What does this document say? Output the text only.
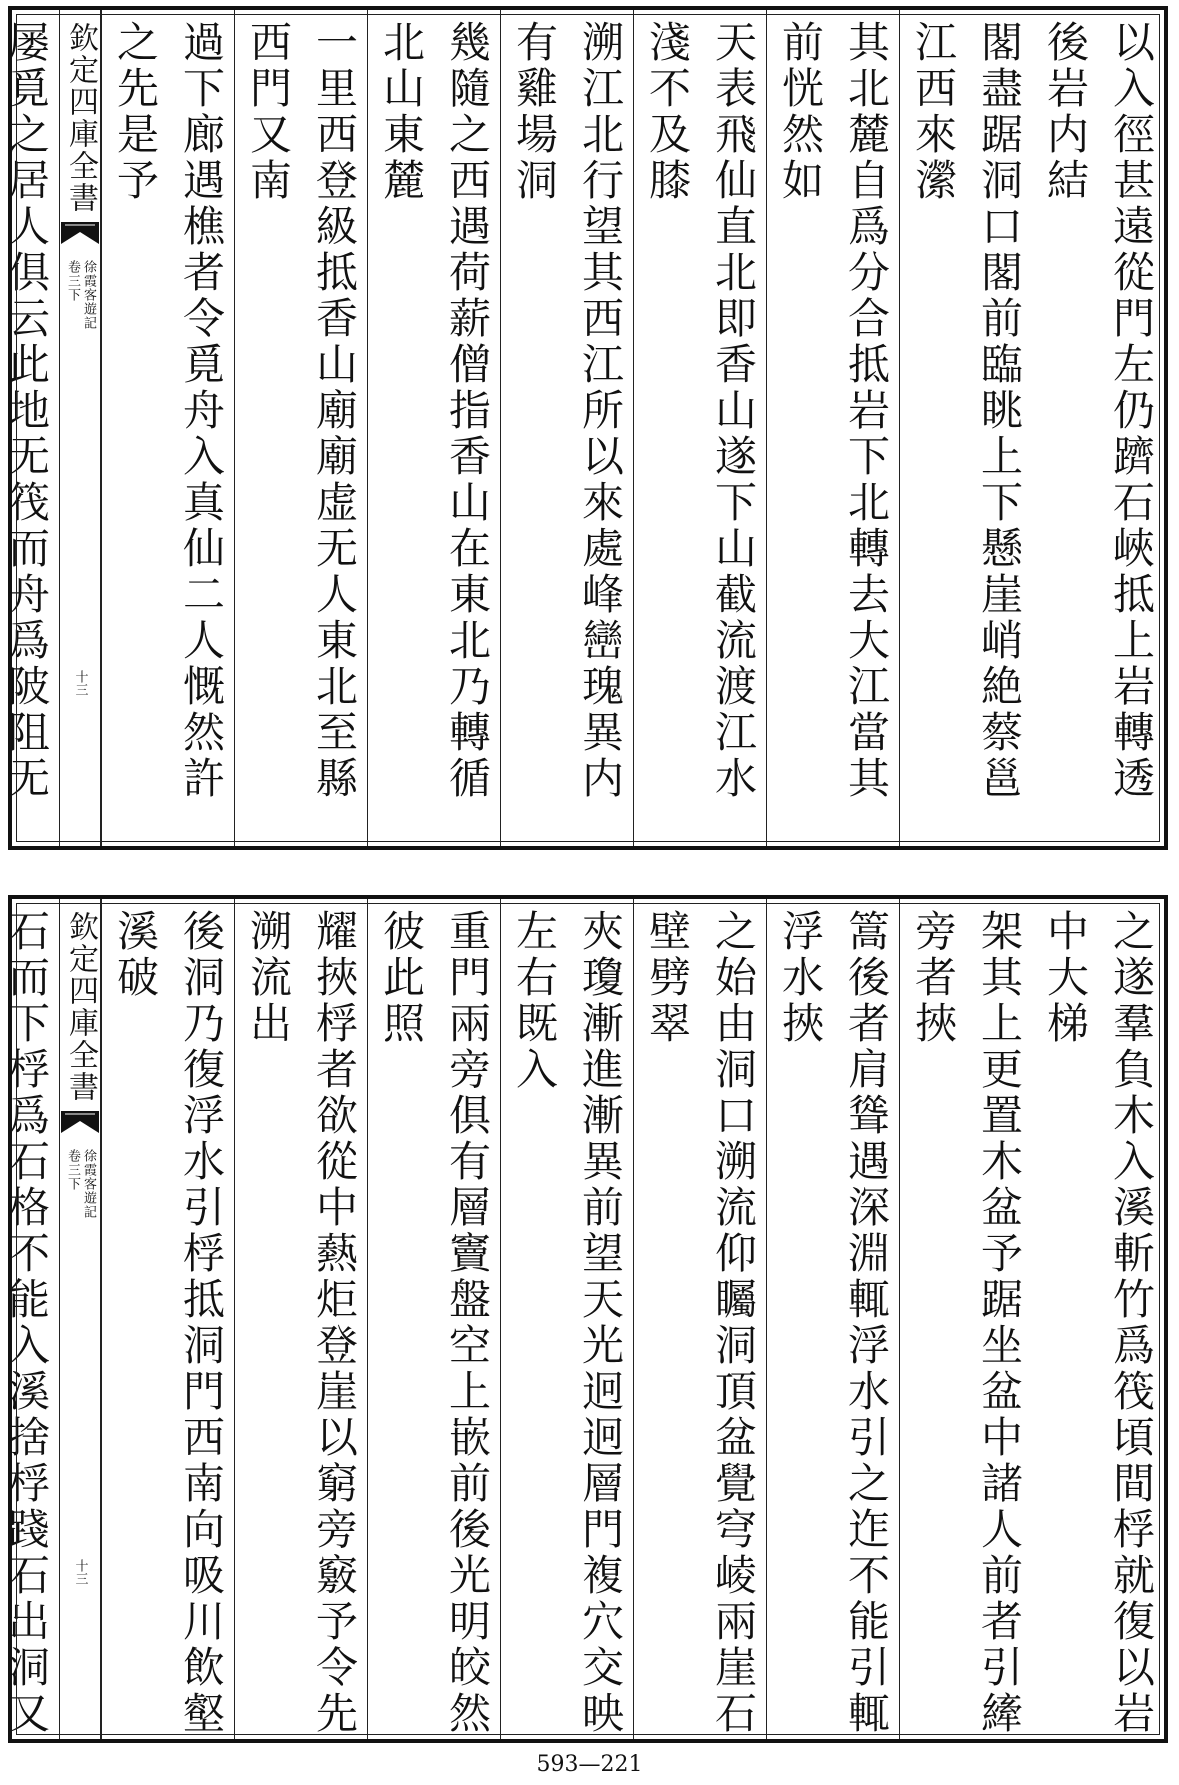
以入徑甚遠從門左仍躋石峽抵上岩轉透後岩内結
閣盡踞洞口閣前臨眺上下懸崖峭絶蔡邕江西來瀠
其北麓自爲分合抵岩下北轉去大江當其前恍然如
天表飛仙直北即香山遂下山截流渡江水淺不及膝
溯江北行望其西江所以來處峰巒瑰異内有雞場洞
幾隨之西遇荷薪僧指香山在東北乃轉循北山東麓
一里西登級抵香山廟廟虚无人東北至縣西門又南
過下廊遇樵者令覓舟入真仙二人慨然許之先是予
欽定四庫全書
徐霞客遊記
卷三下
十三
屡覓之居人俱云此地无筏而舟爲陂阻无
之遂羣負木入溪斬竹爲筏頃間桴就復以岩中大梯
架其上更置木盆予踞坐盆中諸人前者引縴旁者挾
篙後者肩聳遇深淵輒浮水引之迮不能引輒浮水挾
之始由洞口溯流仰矚洞頂盆覺穹崚兩崖石壁劈翠
夾瓊漸進漸異前望天光迥迥層門複穴交映左右既入
重門兩旁俱有層竇盤空上嵌前後光明皎然彼此照
耀挾桴者欲從中爇炬登崖以窮旁竅予令先溯流出
後洞乃復浮水引桴抵洞門西南向吸川飲壑溪破
欽定四庫全書
徐霞客遊記
卷三下
十三
石而下桴爲石格不能入溪捨桴踐石出洞又
593—221
